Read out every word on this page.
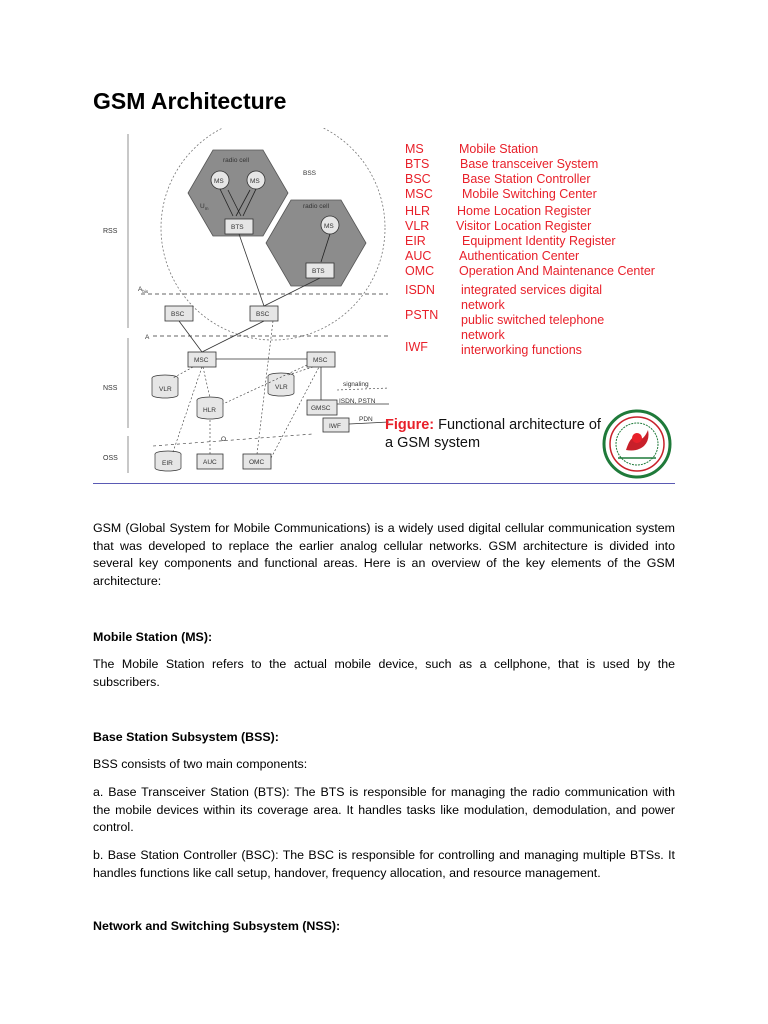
GSM Architecture
RSS
NSS
OSS
BSS
radio cell
radio cell
MS	MS
MS
$U_m$
BTS
BTS
$A_{bis}$
BSC	BSC
A
MSC	MSC
VLR	VLR
HLR	GMSC
IWF
signaling
ISDN, PSTN
PDN
O
EIR	AUC	OMC
MS	Mobile Station
BTS Base transceiver System
BSC	Base Station Controller
MSC Mobile Switching Center
HLR Home Location Register
VLR Visitor Location Register
EIR	Equipment Identity Register
AUC Authentication Center
OMC Operation And Maintenance Center
ISDN integrated services digital
network
PSTN public switched telephone
network
IWF	interworking functions
Figure: Functional architecture of
a GSM system

GSM (Global System for Mobile Communications) is a widely used digital cellular communication system that was developed to replace the earlier analog cellular networks. GSM architecture is divided into several key components and functional areas. Here is an overview of the key elements of the GSM architecture:

Mobile Station (MS):

The Mobile Station refers to the actual mobile device, such as a cellphone, that is used by the subscribers.

Base Station Subsystem (BSS):

BSS consists of two main components:

a. Base Transceiver Station (BTS): The BTS is responsible for managing the radio communication with the mobile devices within its coverage area. It handles tasks like modulation, demodulation, and power control.

b. Base Station Controller (BSC): The BSC is responsible for controlling and managing multiple BTSs. It handles functions like call setup, handover, frequency allocation, and resource management.

Network and Switching Subsystem (NSS):
